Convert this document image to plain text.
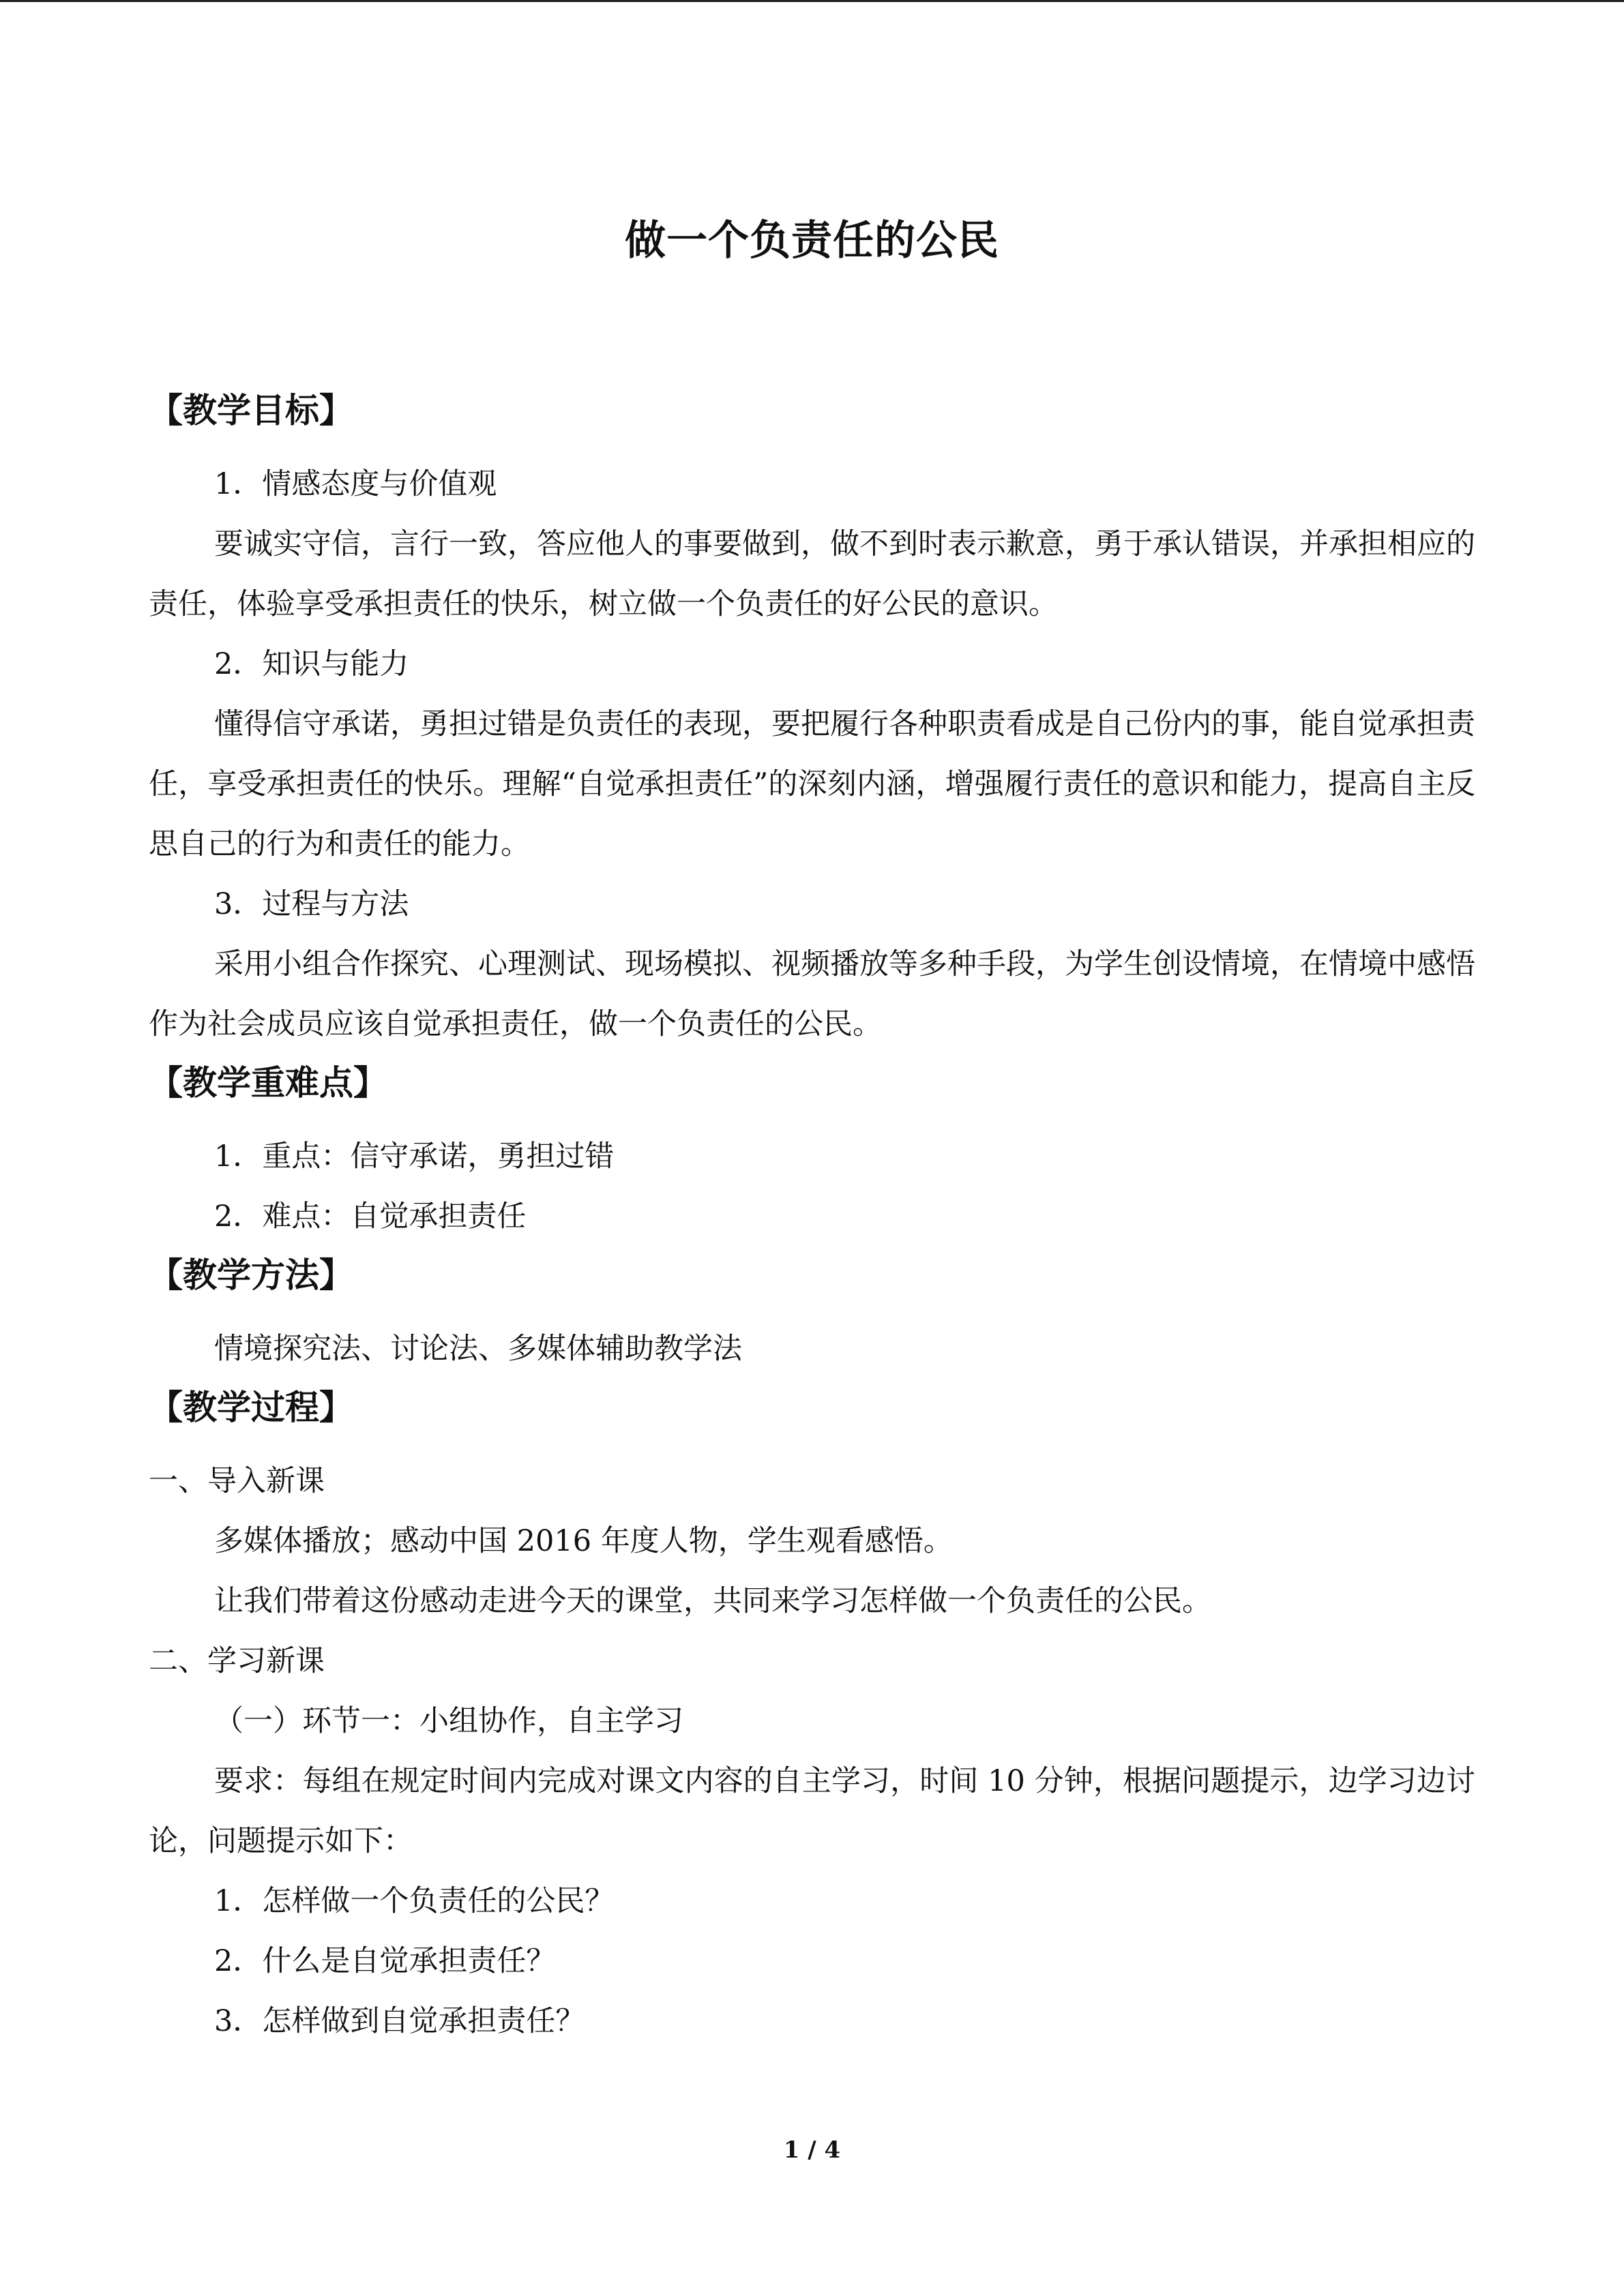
做一个负责任的公民
【教学目标】

1．情感态度与价值观

要诚实守信，言行一致，答应他人的事要做到，做不到时表示歉意，勇于承认错误，并承担相应的责任，体验享受承担责任的快乐，树立做一个负责任的好公民的意识。

2．知识与能力

懂得信守承诺，勇担过错是负责任的表现，要把履行各种职责看成是自己份内的事，能自觉承担责任，享受承担责任的快乐。理解“自觉承担责任”的深刻内涵，增强履行责任的意识和能力，提高自主反思自己的行为和责任的能力。

3．过程与方法

采用小组合作探究、心理测试、现场模拟、视频播放等多种手段，为学生创设情境，在情境中感悟作为社会成员应该自觉承担责任，做一个负责任的公民。

【教学重难点】

1．重点：信守承诺，勇担过错

2．难点：自觉承担责任

【教学方法】

情境探究法、讨论法、多媒体辅助教学法

【教学过程】

一、导入新课

多媒体播放；感动中国 2016 年度人物，学生观看感悟。

让我们带着这份感动走进今天的课堂，共同来学习怎样做一个负责任的公民。

二、学习新课

（一）环节一：小组协作，自主学习

要求：每组在规定时间内完成对课文内容的自主学习，时间 10 分钟，根据问题提示，边学习边讨论，问题提示如下：

1．怎样做一个负责任的公民？

2．什么是自觉承担责任？

3．怎样做到自觉承担责任？

1 / 4
